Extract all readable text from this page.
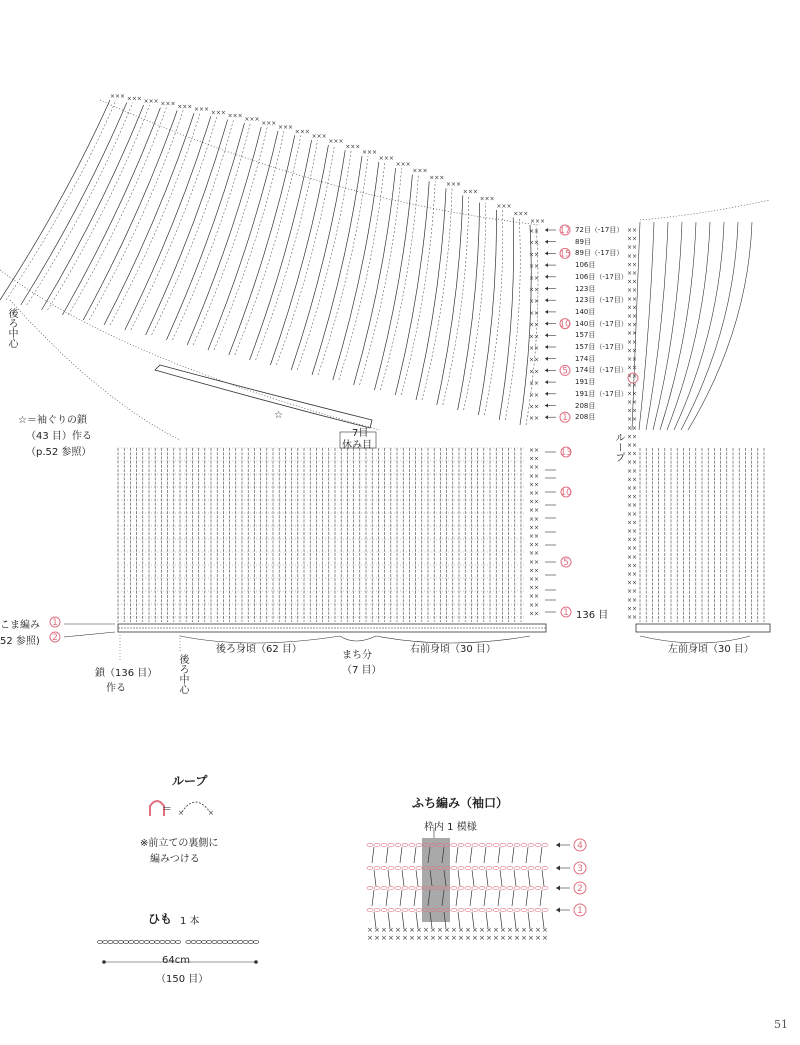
××× ××× ××× ××× ××× ××× ××× ×××
×××
×××
×××
×××
×××
×××
×××
×××
×××
×××
×××
×××
×××
×××
×××
×××
×××
×××
☆
×× 17
××
×× 15
××
××
××
××
××
×× 10
××
××
××
××	5
××
××
××
××	1
××
××
××
××
××
××
××
××
××
××
××
××
××
××
××
××
××
××
××
××
13
10
5
1
1
2
××
××
××
××
××
××
××
××
××
××
××
××
××
××
××
××
××
××
××
××
××
××
××
××
××
××
××
××
××
××
××
××
××
××
××
××
××
××
××
××
××
××
××
××
××
××
×	×
× × × × × × × × × × × × × × × × × × × × × × × × × ×
× × × × × × × × × × × × × × × × × × × × × × × × × ×
4
3
2
1
72目（-17目）
89目
89目（-17目）
106目
106目（-17目）
123目
123目（-17目）
140目
140目（-17目）
157目
157目（-17目）
174目
174目（-17目）
191目
191目（-17目）
208目
208目
136 目
後ろ中心
☆＝袖ぐりの鎖
（43 目）作る
（p.52 参照）
7目
休み目	ループ
こま編み
52 参照)
鎖（136 目）
作る	後ろ中心
後ろ身頃（62 目）
まち分
（7 目）
右前身頃（30 目）	左前身頃（30 目）
ループ
＝
※前立ての裏側に
編みつける
ひも 1 本
64cm
（150 目）
ふち編み（袖口）
枠内 1 模様
51
